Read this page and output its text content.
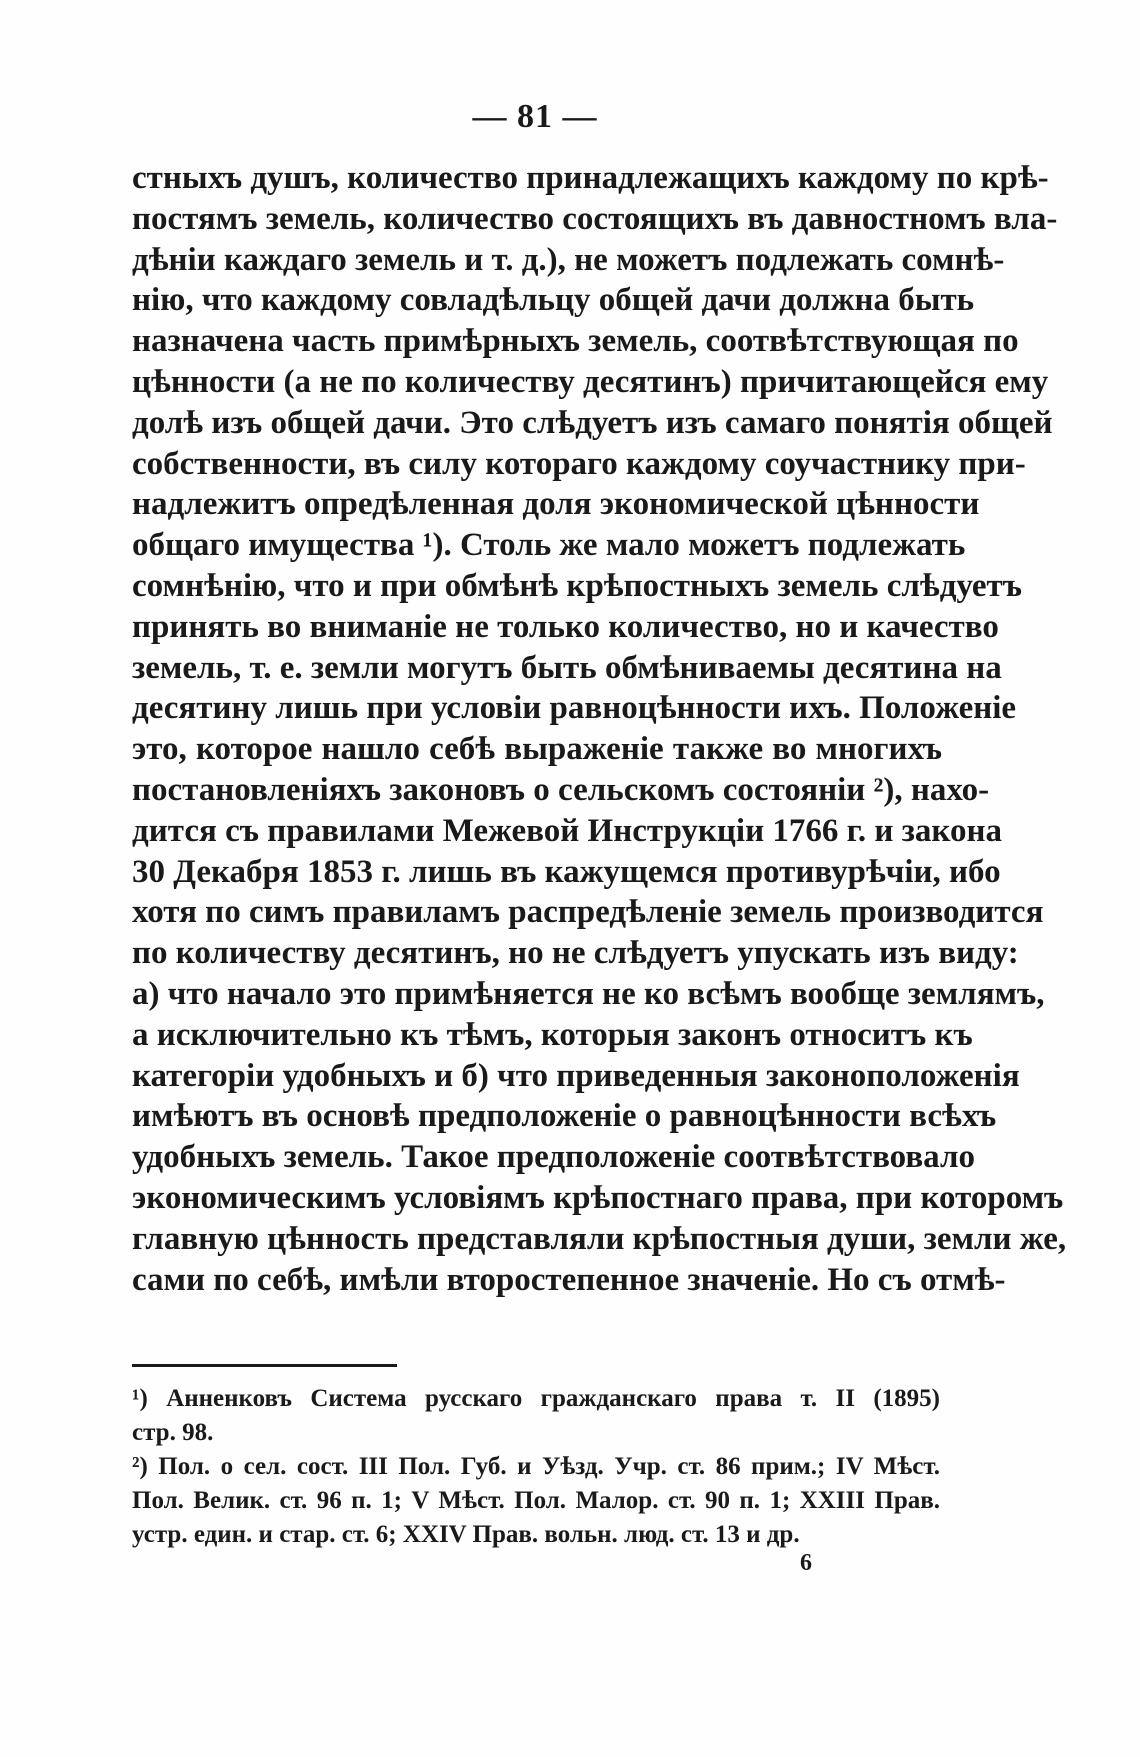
— 81 —
стныхъ душъ, количество принадлежащихъ каждому по крѣ-
постямъ земель, количество состоящихъ въ давностномъ вла-
дѣніи каждаго земель и т. д.), не можетъ подлежать сомнѣ-
нію, что каждому совладѣльцу общей дачи должна быть
назначена часть примѣрныхъ земель, соотвѣтствующая по
цѣнности (а не по количеству десятинъ) причитающейся ему
долѣ изъ общей дачи. Это слѣдуетъ изъ самаго понятія общей
собственности, въ силу котораго каждому соучастнику при-
надлежитъ опредѣленная доля экономической цѣнности
общаго имущества ¹). Столь же мало можетъ подлежать
сомнѣнію, что и при обмѣнѣ крѣпостныхъ земель слѣдуетъ
принять во вниманіе не только количество, но и качество
земель, т. е. земли могутъ быть обмѣниваемы десятина на
десятину лишь при условіи равноцѣнности ихъ. Положеніе
это, которое нашло себѣ выраженіе также во многихъ
постановленіяхъ законовъ о сельскомъ состояніи ²), нахо-
дится съ правилами Межевой Инструкціи 1766 г. и закона
30 Декабря 1853 г. лишь въ кажущемся противурѣчіи, ибо
хотя по симъ правиламъ распредѣленіе земель производится
по количеству десятинъ, но не слѣдуетъ упускать изъ виду:
а) что начало это примѣняется не ко всѣмъ вообще землямъ,
а исключительно къ тѣмъ, которыя законъ относитъ къ
категоріи удобныхъ и б) что приведенныя законоположенія
имѣютъ въ основѣ предположеніе о равноцѣнности всѣхъ
удобныхъ земель. Такое предположеніе соотвѣтствовало
экономическимъ условіямъ крѣпостнаго права, при которомъ
главную цѣнность представляли крѣпостныя души, земли же,
сами по себѣ, имѣли второстепенное значеніе. Но съ отмѣ-
¹) Анненковъ Система русскаго гражданскаго права т. II (1895)
стр. 98.
²) Пол. о сел. сост. III Пол. Губ. и Уѣзд. Учр. ст. 86 прим.; IV Мѣст.
Пол. Велик. ст. 96 п. 1; V Мѣст. Пол. Малор. ст. 90 п. 1; XXIII Прав.
устр. един. и стар. ст. 6; XXIV Прав. вольн. люд. ст. 13 и др.
6
